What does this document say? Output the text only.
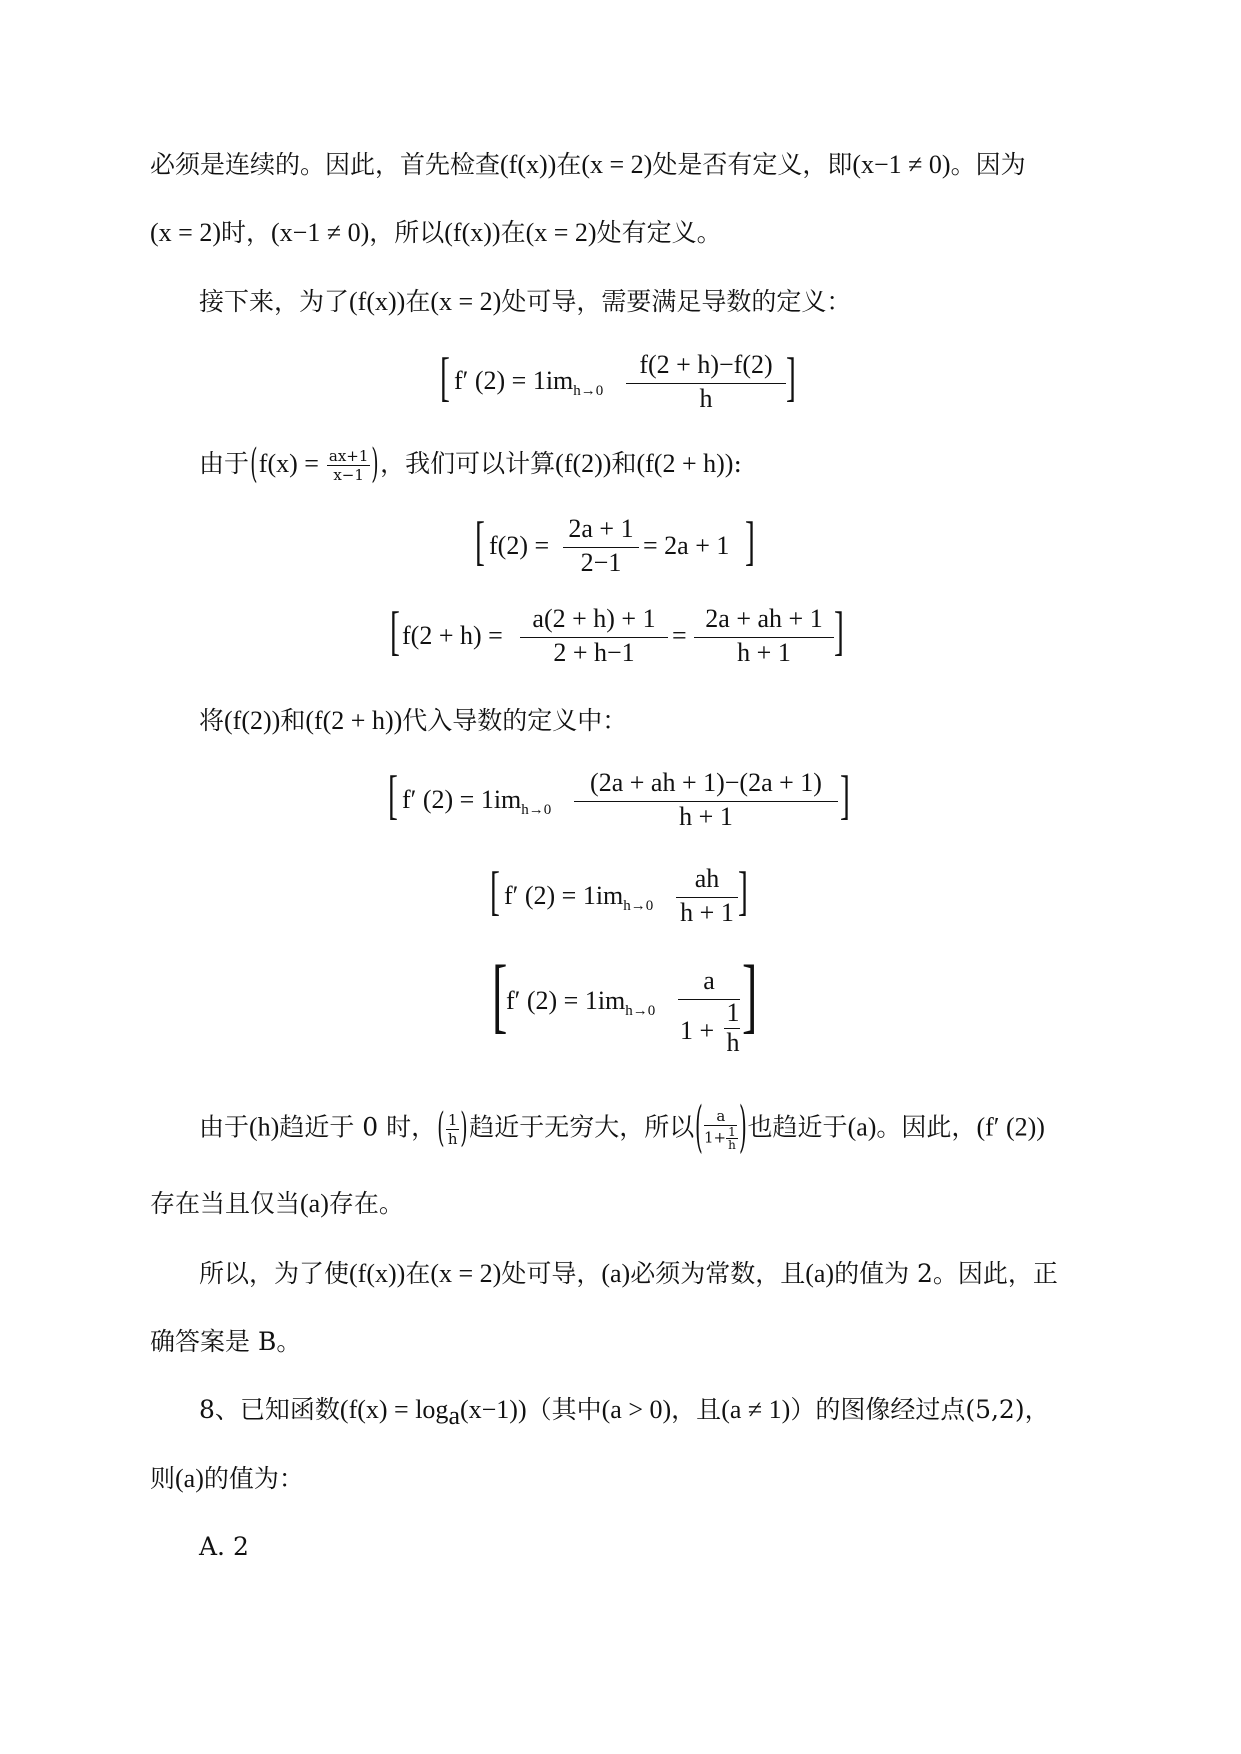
必须是连续的。因此，首先检查(f(x))在(x = 2)处是否有定义，即(x−1 ≠ 0)。因为
(x = 2)时，(x−1 ≠ 0)，所以(f(x))在(x = 2)处有定义。
接下来，为了(f(x))在(x = 2)处可导，需要满足导数的定义：
[ f′ $(2) = 1im_{h\to 0}$
f(2 + h)−f(2)
h	]
由于($f(x) = \frac{ax+1}{x-1}$ )，我们可以计算(f(2))和(f(2 + h)):
[ f(2) =
2a + 1
2−1
= 2a + 1 ]
[ f(2 + h) =
a(2 + h) + 1
2 + h−1
=
2a + ah + 1
h + 1 ]
将(f(2))和(f(2 + h))代入导数的定义中：
[ f′ $(2) = 1im_{h\to 0}$
(2a + ah + 1)−(2a + 1)
h + 1	]
[ f′ $(2) = 1im_{h\to 0}$
ah
h + 1 ]
[
f′ $(2) = 1im_{h\to 0}$
a
1 +
1
h
]
由于(h)趋近于 0 时，( $\frac{1}{h}$ )趋近于无穷大，所以( $\frac{a}{1+ \frac{1}{h}}$ )也趋近于(a)。因此，(f′ (2))
存在当且仅当(a)存在。
所以，为了使(f(x))在(x = 2)处可导，(a)必须为常数，且(a)的值为 2。因此，正
确答案是 B。
8、已知函数$(f(x) = \log_a(x-1))$（其中(a > 0)，且(a ≠ 1)）的图像经过点(5,2)，
则(a)的值为：
A. 2
